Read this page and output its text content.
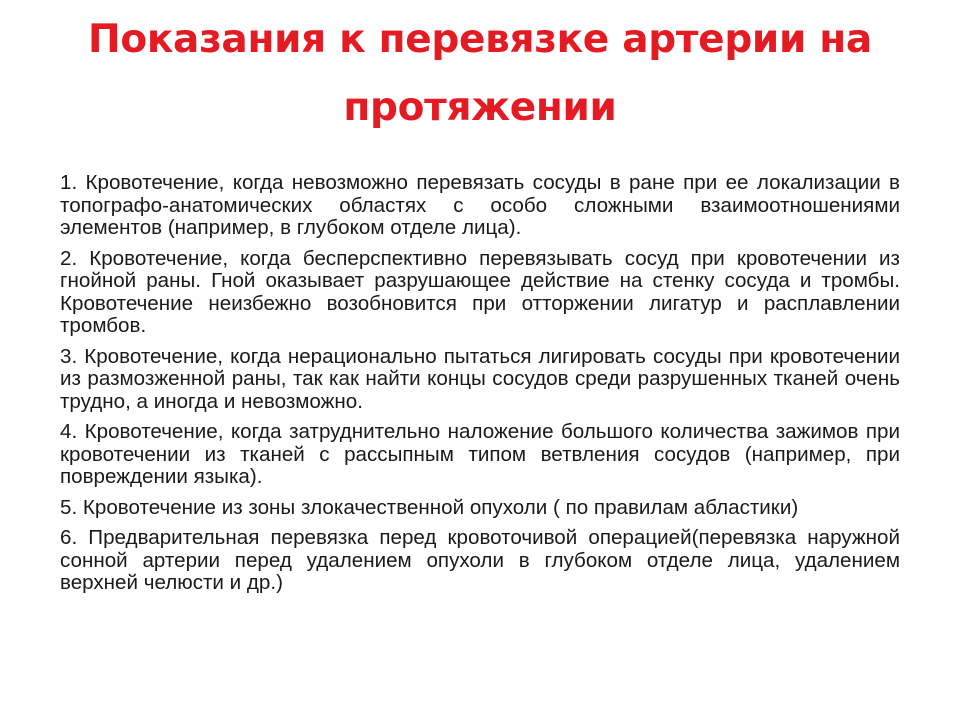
Показания к перевязке артерии на протяжении

1. Кровотечение, когда невозможно перевязать сосуды в ране при ее локализации в топографо-анатомических областях с особо сложными взаимоотношениями элементов (например, в глубоком отделе лица).

2. Кровотечение, когда бесперспективно перевязывать сосуд при кровотечении из гнойной раны. Гной оказывает разрушающее действие на стенку сосуда и тромбы. Кровотечение неизбежно возобновится при отторжении лигатур и расплавлении тромбов.

3. Кровотечение, когда нерационально пытаться лигировать сосуды при кровотечении из размозженной раны, так как найти концы сосудов среди разрушенных тканей очень трудно, а иногда и невозможно.

4. Кровотечение, когда затруднительно наложение большого количества зажимов при кровотечении из тканей с рассыпным типом ветвления сосудов (например, при повреждении языка).

5. Кровотечение из зоны злокачественной опухоли ( по правилам абластики)

6. Предварительная перевязка перед кровоточивой операцией(перевязка наружной сонной артерии перед удалением опухоли в глубоком отделе лица, удалением верхней челюсти и др.)
